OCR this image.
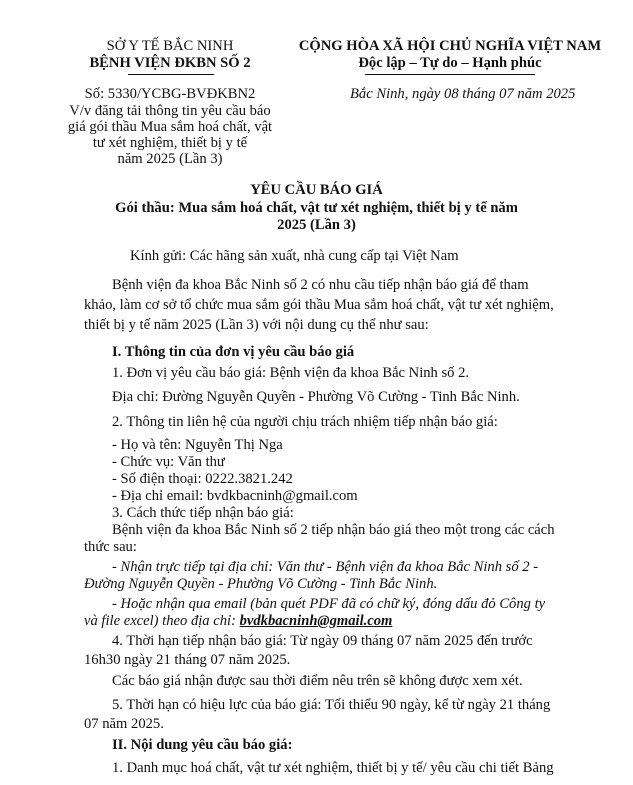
SỞ Y TẾ BẮC NINH
BỆNH VIỆN ĐKBN SỐ 2
CỘNG HÒA XÃ HỘI CHỦ NGHĨA VIỆT NAM
Độc lập – Tự do – Hạnh phúc
Số: 5330/YCBG-BVĐKBN2
V/v đăng tải thông tin yêu cầu báo
giá gói thầu Mua sắm hoá chất, vật
tư xét nghiệm, thiết bị y tế
năm 2025 (Lần 3)
Bắc Ninh, ngày 08 tháng 07 năm 2025
YÊU CẦU BÁO GIÁ
Gói thầu: Mua sắm hoá chất, vật tư xét nghiệm, thiết bị y tế năm
2025 (Lần 3)
Kính gửi: Các hãng sản xuất, nhà cung cấp tại Việt Nam
Bệnh viện đa khoa Bắc Ninh số 2 có nhu cầu tiếp nhận báo giá để tham
khảo, làm cơ sở tổ chức mua sắm gói thầu Mua sắm hoá chất, vật tư xét nghiệm,
thiết bị y tế năm 2025 (Lần 3) với nội dung cụ thể như sau:
I. Thông tin của đơn vị yêu cầu báo giá
1. Đơn vị yêu cầu báo giá: Bệnh viện đa khoa Bắc Ninh số 2.
Địa chỉ: Đường Nguyễn Quyền - Phường Võ Cường - Tinh Bắc Ninh.
2. Thông tin liên hệ của người chịu trách nhiệm tiếp nhận báo giá:
- Họ và tên: Nguyễn Thị Nga
- Chức vụ: Văn thư
- Số điện thoại: 0222.3821.242
- Địa chỉ email: bvdkbacninh@gmail.com
3. Cách thức tiếp nhận báo giá:
Bệnh viện đa khoa Bắc Ninh số 2 tiếp nhận báo giá theo một trong các cách
thức sau:
- Nhận trực tiếp tại địa chỉ: Văn thư - Bệnh viện đa khoa Bắc Ninh số 2 -
Đường Nguyễn Quyền - Phường Võ Cường - Tinh Bắc Ninh.
- Hoặc nhận qua email (bản quét PDF đã có chữ ký, đóng dấu đỏ Công ty
và file excel) theo địa chỉ: bvdkbacninh@gmail.com
4. Thời hạn tiếp nhận báo giá: Từ ngày 09 tháng 07 năm 2025 đến trước
16h30 ngày 21 tháng 07 năm 2025.
Các báo giá nhận được sau thời điểm nêu trên sẽ không được xem xét.
5. Thời hạn có hiệu lực của báo giá: Tối thiểu 90 ngày, kể từ ngày 21 tháng
07 năm 2025.
II. Nội dung yêu cầu báo giá:
1. Danh mục hoá chất, vật tư xét nghiệm, thiết bị y tế/ yêu cầu chi tiết Bảng
